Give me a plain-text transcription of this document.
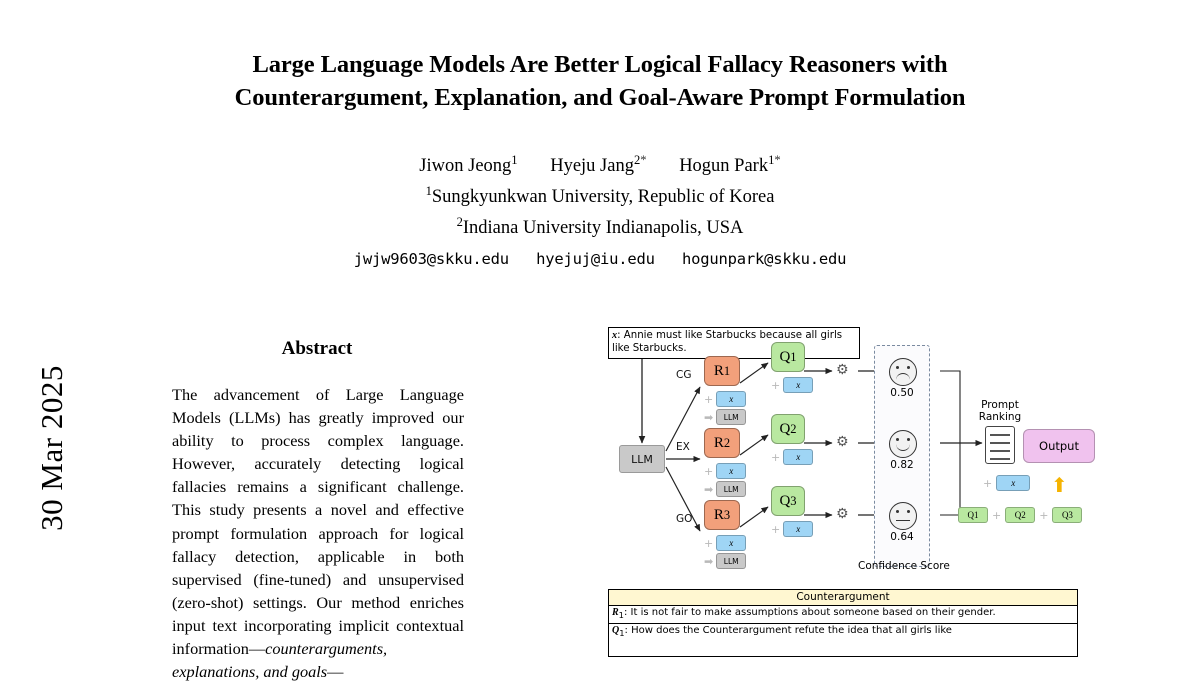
30 Mar 2025
Large Language Models Are Better Logical Fallacy Reasoners with
Counterargument, Explanation, and Goal-Aware Prompt Formulation
Jiwon Jeong$^1$ Hyeju Jang$^{2*}$ Hogun Park$^{1*}$
$^1$Sungkyunkwan University, Republic of Korea
$^2$Indiana University Indianapolis, USA
jwjw9603@skku.edu hyejuj@iu.edu hogunpark@skku.edu
Abstract
The advancement of Large Language Models (LLMs) has greatly improved our ability to process complex language. However, accurately detecting logical fallacies remains a significant challenge. This study presents a novel and effective prompt formulation approach for logical fallacy detection, applicable in both supervised (fine-tuned) and unsupervised (zero-shot) settings. Our method enriches input text incorporating implicit contextual information—counterarguments, explanations, and goals—
x: Annie must like Starbucks because all girls like Starbucks.
LLM
CG
EX
GO
R 1
+	x
➡	LLM
Q 1
+	x
⚙
R 2
+	x
➡	LLM
Q 2
+	x
⚙
R 3
+	x
➡	LLM
Q 3
+	x
⚙
0.50
0.82
0.64
Confidence Score
Prompt
Ranking
Output
⬆
+	x
Q1	+	Q2	+	Q3
Counterargument
$R_1$: It is not fair to make assumptions about someone based on their gender.
$Q_1$: How does the Counterargument refute the idea that all girls like
